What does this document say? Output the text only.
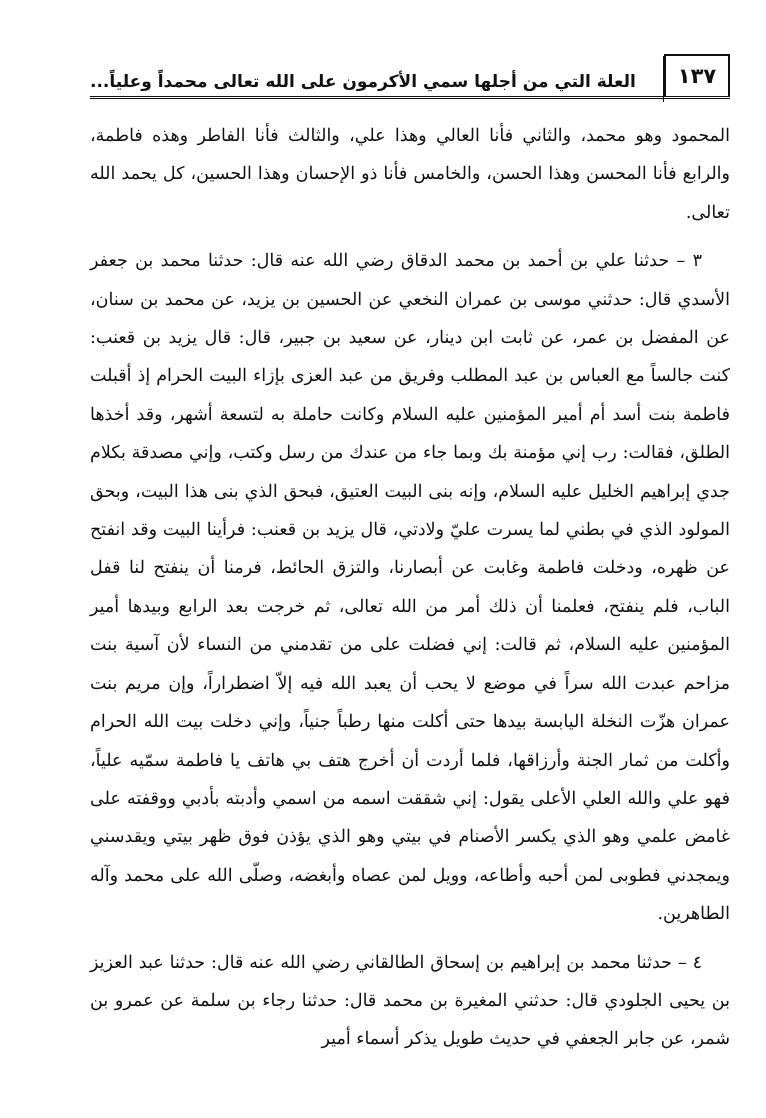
١٣٧
العلة التي من أجلها سمي الأكرمون على الله تعالى محمداً وعلياً...

المحمود وهو محمد، والثاني فأنا العالي وهذا علي، والثالث فأنا الفاطر وهذه فاطمة، والرابع فأنا المحسن وهذا الحسن، والخامس فأنا ذو الإحسان وهذا الحسين، كل يحمد الله تعالى.

٣ – حدثنا علي بن أحمد بن محمد الدقاق رضي الله عنه قال: حدثنا محمد بن جعفر الأسدي قال: حدثني موسى بن عمران النخعي عن الحسين بن يزيد، عن محمد بن سنان، عن المفضل بن عمر، عن ثابت ابن دينار، عن سعيد بن جبير، قال: قال يزيد بن قعنب: كنت جالساً مع العباس بن عبد المطلب وفريق من عبد العزى بإزاء البيت الحرام إذ أقبلت فاطمة بنت أسد أم أمير المؤمنين عليه السلام وكانت حاملة به لتسعة أشهر، وقد أخذها الطلق، فقالت: رب إني مؤمنة بك وبما جاء من عندك من رسل وكتب، وإني مصدقة بكلام جدي إبراهيم الخليل عليه السلام، وإنه بنى البيت العتيق، فبحق الذي بنى هذا البيت، وبحق المولود الذي في بطني لما يسرت عليّ ولادتي، قال يزيد بن قعنب: فرأينا البيت وقد انفتح عن ظهره، ودخلت فاطمة وغابت عن أبصارنا، والتزق الحائط، فرمنا أن ينفتح لنا قفل الباب، فلم ينفتح، فعلمنا أن ذلك أمر من الله تعالى، ثم خرجت بعد الرابع وبيدها أمير المؤمنين عليه السلام، ثم قالت: إني فضلت على من تقدمني من النساء لأن آسية بنت مزاحم عبدت الله سراً في موضع لا يحب أن يعبد الله فيه إلاّ اضطراراً، وإن مريم بنت عمران هزّت النخلة اليابسة بيدها حتى أكلت منها رطباً جنياً، وإني دخلت بيت الله الحرام وأكلت من ثمار الجنة وأرزاقها، فلما أردت أن أخرج هتف بي هاتف يا فاطمة سمّيه علياً، فهو علي والله العلي الأعلى يقول: إني شققت اسمه من اسمي وأدبته بأدبي ووقفته على غامض علمي وهو الذي يكسر الأصنام في بيتي وهو الذي يؤذن فوق ظهر بيتي ويقدسني ويمجدني فطوبى لمن أحبه وأطاعه، وويل لمن عصاه وأبغضه، وصلّى الله على محمد وآله الطاهرين.

٤ – حدثنا محمد بن إبراهيم بن إسحاق الطالقاني رضي الله عنه قال: حدثنا عبد العزيز بن يحيى الجلودي قال: حدثني المغيرة بن محمد قال: حدثنا رجاء بن سلمة عن عمرو بن شمر، عن جابر الجعفي في حديث طويل يذكر أسماء أمير
